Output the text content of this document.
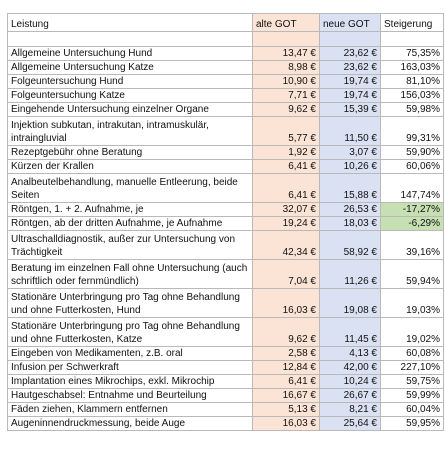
Leistung	alte GOT	neue GOT	Steigerung

Allgemeine Untersuchung Hund	13,47 €	23,62 €	75,35%
Allgemeine Untersuchung Katze	8,98 €	23,62 €	163,03%
Folgeuntersuchung Hund	10,90 €	19,74 €	81,10%
Folgeuntersuchung Katze	7,71 €	19,74 €	156,03%
Eingehende Untersuchung einzelner Organe	9,62 €	15,39 €	59,98%
Injektion subkutan, intrakutan, intramuskulär, intraingluvial	5,77 €	11,50 €	99,31%
Rezeptgebühr ohne Beratung	1,92 €	3,07 €	59,90%
Kürzen der Krallen	6,41 €	10,26 €	60,06%
Analbeutelbehandlung, manuelle Entleerung, beide Seiten	6,41 €	15,88 €	147,74%
Röntgen, 1. + 2. Aufnahme, je	32,07 €	26,53 €	-17,27%
Röntgen, ab der dritten Aufnahme, je Aufnahme	19,24 €	18,03 €	-6,29%
Ultraschalldiagnostik, außer zur Untersuchung von Trächtigkeit	42,34 €	58,92 €	39,16%
Beratung im einzelnen Fall ohne Untersuchung (auch schriftlich oder fernmündlich)	7,04 €	11,26 €	59,94%
Stationäre Unterbringung pro Tag ohne Behandlung und ohne Futterkosten, Hund	16,03 €	19,08 €	19,03%
Stationäre Unterbringung pro Tag ohne Behandlung und ohne Futterkosten, Katze	9,62 €	11,45 €	19,02%
Eingeben von Medikamenten, z.B. oral	2,58 €	4,13 €	60,08%
Infusion per Schwerkraft	12,84 €	42,00 €	227,10%
Implantation eines Mikrochips, exkl. Mikrochip	6,41 €	10,24 €	59,75%
Hautgeschabsel: Entnahme und Beurteilung	16,67 €	26,67 €	59,99%
Fäden ziehen, Klammern entfernen	5,13 €	8,21 €	60,04%
Augeninnendruckmessung, beide Auge	16,03 €	25,64 €	59,95%
